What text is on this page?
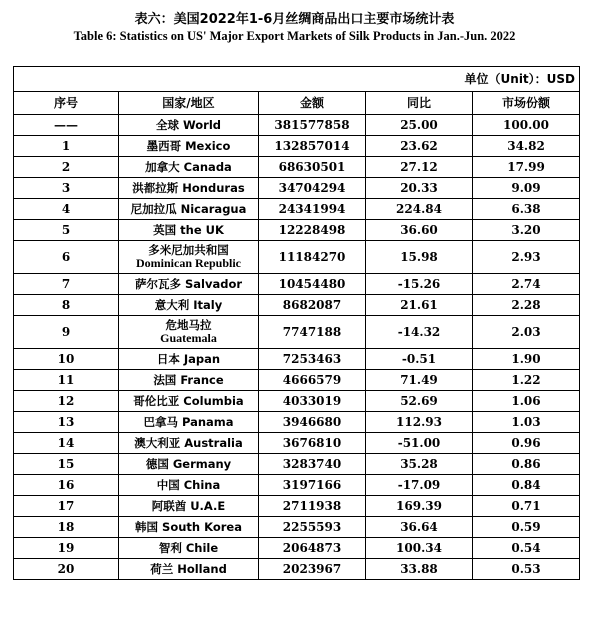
表六：美国2022年1-6月丝绸商品出口主要市场统计表
Table 6: Statistics on US' Major Export Markets of Silk Products in Jan.-Jun. 2022
单位（Unit）：USD				
序号	国家/地区	金额	同比	市场份额
——	全球 World	381577858	25.00	100.00
1	墨西哥 Mexico	132857014	23.62	34.82
2	加拿大 Canada	68630501	27.12	17.99
3	洪都拉斯 Honduras	34704294	20.33	9.09
4	尼加拉瓜 Nicaragua	24341994	224.84	6.38
5	英国 the UK	12228498	36.60	3.20
6	多米尼加共和国
Dominican Republic	11184270	15.98	2.93
7	萨尔瓦多 Salvador	10454480	-15.26	2.74
8	意大利 Italy	8682087	21.61	2.28
9	危地马拉
Guatemala	7747188	-14.32	2.03
10	日本 Japan	7253463	-0.51	1.90
11	法国 France	4666579	71.49	1.22
12	哥伦比亚 Columbia	4033019	52.69	1.06
13	巴拿马 Panama	3946680	112.93	1.03
14	澳大利亚 Australia	3676810	-51.00	0.96
15	德国 Germany	3283740	35.28	0.86
16	中国 China	3197166	-17.09	0.84
17	阿联酋 U.A.E	2711938	169.39	0.71
18	韩国 South Korea	2255593	36.64	0.59
19	智利 Chile	2064873	100.34	0.54
20	荷兰 Holland	2023967	33.88	0.53
